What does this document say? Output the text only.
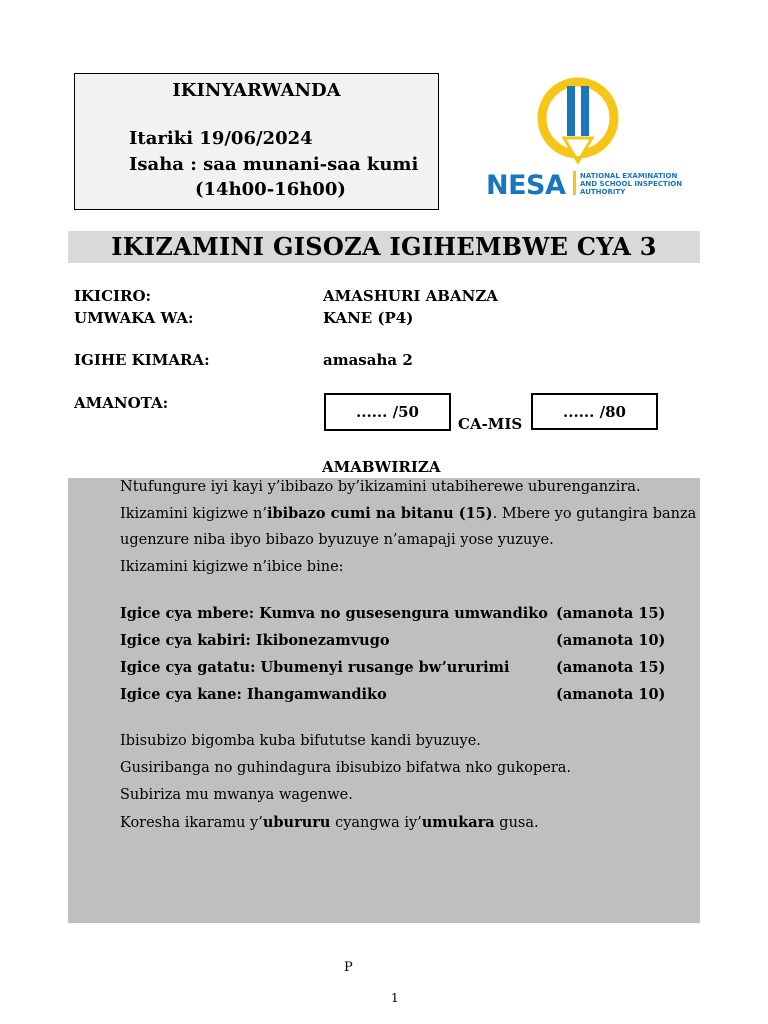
IKINYARWANDA
Itariki 19/06/2024
Isaha : saa munani-saa kumi
(14h00-16h00)	NESA NATIONAL EXAMINATION
AND SCHOOL INSPECTION
AUTHORITY
IKIZAMINI GISOZA IGIHEMBWE CYA 3
IKICIRO:	AMASHURI ABANZA
UMWAKA WA:	KANE (P4)
IGIHE KIMARA:	amasaha 2
AMANOTA:	...... /50
CA-MIS
...... /80
AMABWIRIZA
Ntufungure iyi kayi y’ibibazo by’ikizamini utabiherewe uburenganzira.
Ikizamini kigizwe n’ibibazo cumi na bitanu (15). Mbere yo gutangira banza
ugenzure niba ibyo bibazo byuzuye n’amapaji yose yuzuye.
Ikizamini kigizwe n’ibice bine:
Igice cya mbere: Kumva no gusesengura umwandiko (amanota 15)
Igice cya kabiri: Ikibonezamvugo	(amanota 10)
Igice cya gatatu: Ubumenyi rusange bw’ururimi	(amanota 15)
Igice cya kane: Ihangamwandiko	(amanota 10)
Ibisubizo bigomba kuba bifututse kandi byuzuye.
Gusiribanga no guhindagura ibisubizo bifatwa nko gukopera.
Subiriza mu mwanya wagenwe.
Koresha ikaramu y’ubururu cyangwa iy’umukara gusa.
P
1
